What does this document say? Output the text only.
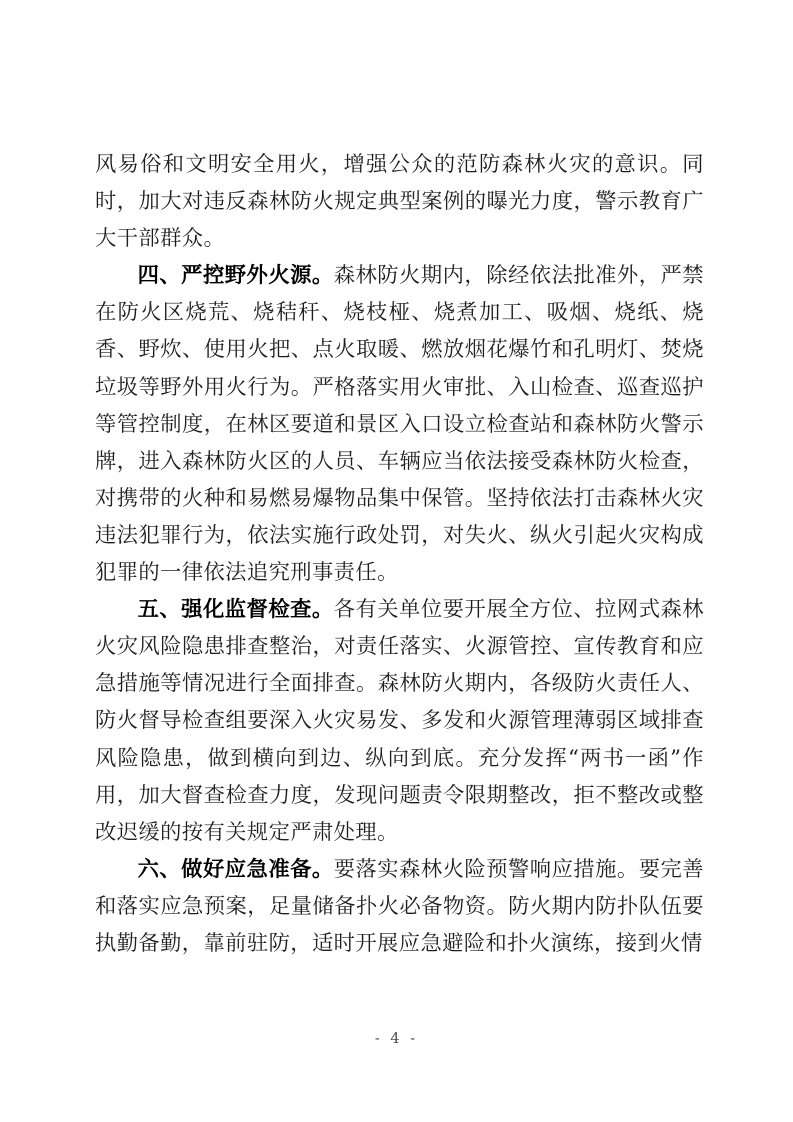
风易俗和文明安全用火，增强公众的范防森林火灾的意识。同时，加大对违反森林防火规定典型案例的曝光力度，警示教育广大干部群众。

四、严控野外火源。森林防火期内，除经依法批准外，严禁在防火区烧荒、烧秸秆、烧枝桠、烧煮加工、吸烟、烧纸、烧香、野炊、使用火把、点火取暖、燃放烟花爆竹和孔明灯、焚烧垃圾等野外用火行为。严格落实用火审批、入山检查、巡查巡护等管控制度，在林区要道和景区入口设立检查站和森林防火警示牌，进入森林防火区的人员、车辆应当依法接受森林防火检查，对携带的火种和易燃易爆物品集中保管。坚持依法打击森林火灾违法犯罪行为，依法实施行政处罚，对失火、纵火引起火灾构成犯罪的一律依法追究刑事责任。

五、强化监督检查。各有关单位要开展全方位、拉网式森林火灾风险隐患排查整治，对责任落实、火源管控、宣传教育和应急措施等情况进行全面排查。森林防火期内，各级防火责任人、防火督导检查组要深入火灾易发、多发和火源管理薄弱区域排查风险隐患，做到横向到边、纵向到底。充分发挥“两书一函”作用，加大督查检查力度，发现问题责令限期整改，拒不整改或整改迟缓的按有关规定严肃处理。

六、做好应急准备。要落实森林火险预警响应措施。要完善和落实应急预案，足量储备扑火必备物资。防火期内防扑队伍要执勤备勤，靠前驻防，适时开展应急避险和扑火演练，接到火情

- 4 -
